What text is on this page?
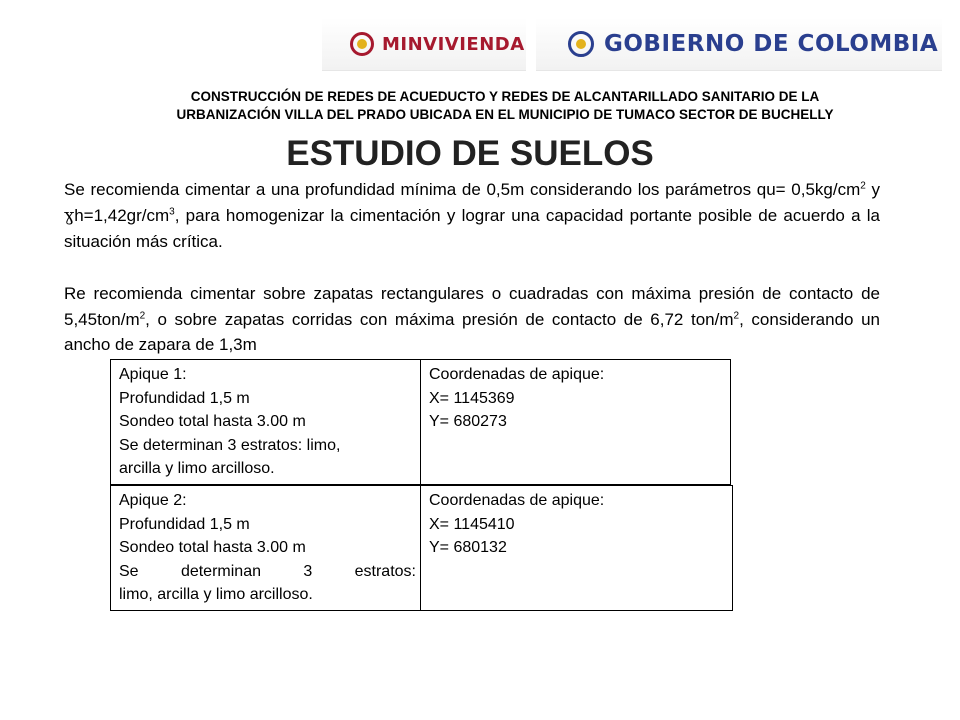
MINVIVIENDA	GOBIERNO DE COLOMBIA
CONSTRUCCIÓN DE REDES DE ACUEDUCTO Y REDES DE ALCANTARILLADO SANITARIO DE LA
URBANIZACIÓN VILLA DEL PRADO UBICADA EN EL MUNICIPIO DE TUMACO SECTOR DE BUCHELLY
ESTUDIO DE SUELOS
Se recomienda cimentar a una profundidad mínima de 0,5m considerando los parámetros $qu= 0,5kg/cm^2$ y $ɣh=1,42gr/cm^3$, para homogenizar la cimentación y lograr una capacidad portante posible de acuerdo a la situación más crítica.
Re recomienda cimentar sobre zapatas rectangulares o cuadradas con máxima presión de contacto de $5,45ton/m^2$, o sobre zapatas corridas con máxima presión de contacto de 6,72 ton/$m^2$, considerando un ancho de zapara de 1,3m
Apique 1:
Profundidad 1,5 m
Sondeo total hasta 3.00 m
Se determinan 3 estratos: limo,
arcilla y limo arcilloso.
Coordenadas de apique:
X= 1145369
Y= 680273
Apique 2:
Profundidad 1,5 m
Sondeo total hasta 3.00 m
Se determinan 3 estratos:
limo, arcilla y limo arcilloso.
Coordenadas de apique:
X= 1145410
Y= 680132
